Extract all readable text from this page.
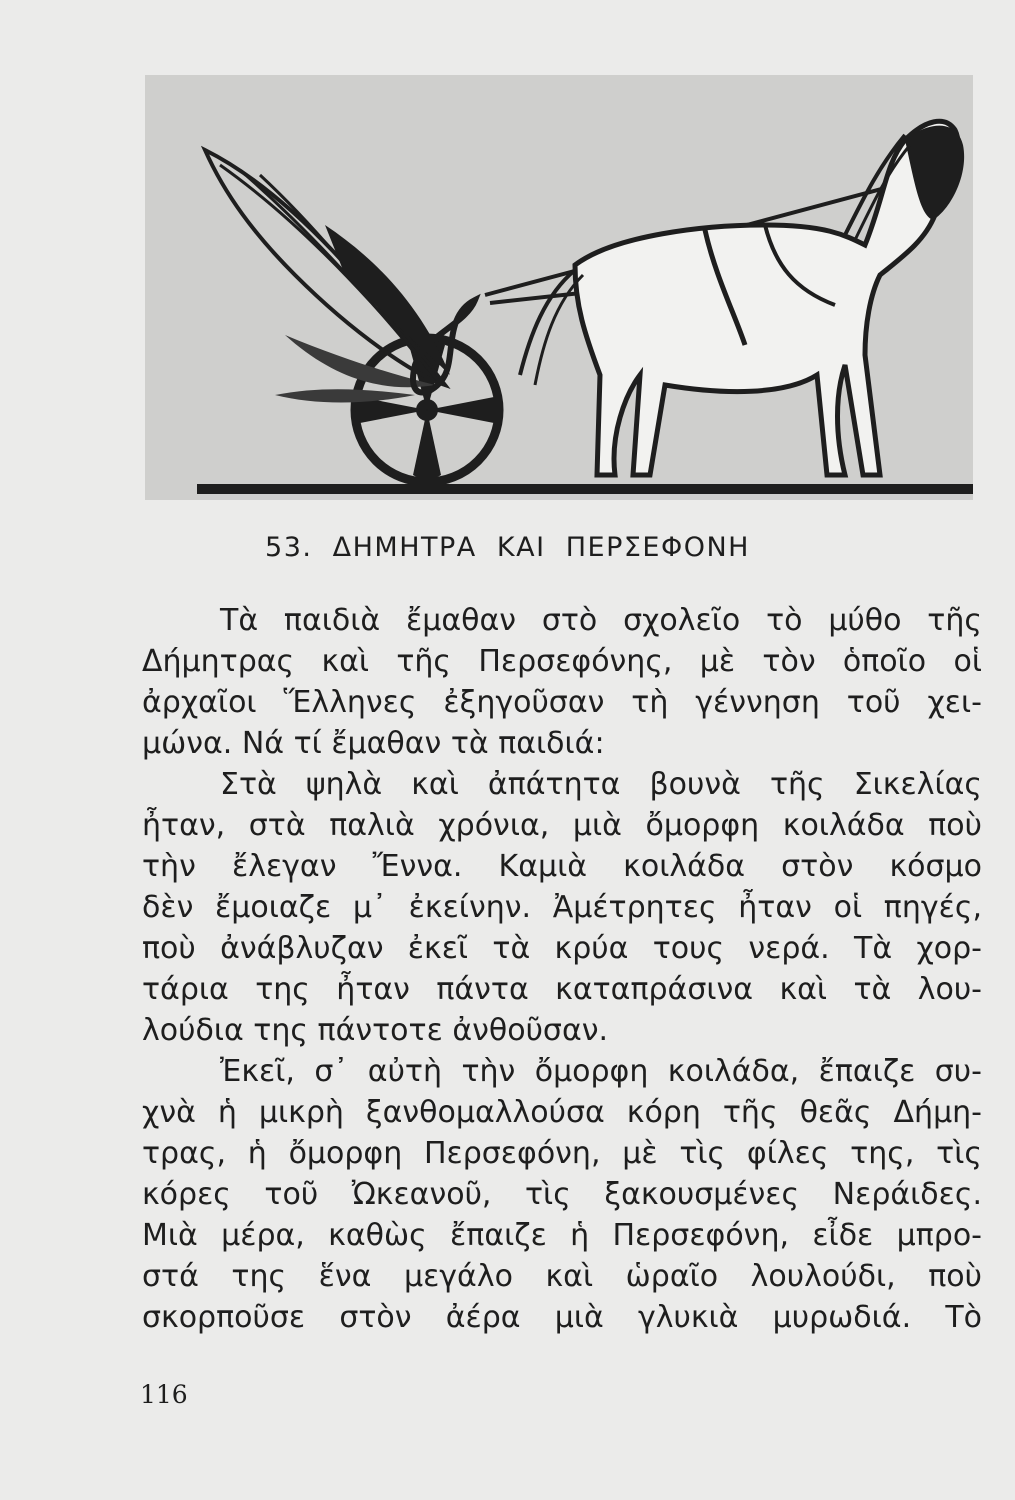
53.  ΔΗΜΗΤΡΑ  ΚΑΙ  ΠΕΡΣΕΦΟΝΗ
Τὰ παιδιὰ ἔμαθαν στὸ σχολεῖο τὸ μύθο τῆς
Δήμητρας καὶ τῆς Περσεφόνης, μὲ τὸν ὁποῖο οἱ
ἀρχαῖοι Ἕλληνες ἐξηγοῦσαν τὴ γέννηση τοῦ χει-
μώνα. Νά τί ἔμαθαν τὰ παιδιά:
Στὰ ψηλὰ καὶ ἀπάτητα βουνὰ τῆς Σικελίας
ἦταν, στὰ παλιὰ χρόνια, μιὰ ὄμορφη κοιλάδα ποὺ
τὴν ἔλεγαν Ἔννα. Καμιὰ κοιλάδα στὸν κόσμο
δὲν ἔμοιαζε μ᾽ ἐκείνην. Ἀμέτρητες ἦταν οἱ πηγές,
ποὺ ἀνάβλυζαν ἐκεῖ τὰ κρύα τους νερά. Τὰ χορ-
τάρια της ἦταν πάντα καταπράσινα καὶ τὰ λου-
λούδια της πάντοτε ἀνθοῦσαν.
Ἐκεῖ, σ᾽ αὐτὴ τὴν ὄμορφη κοιλάδα, ἔπαιζε συ-
χνὰ ἡ μικρὴ ξανθομαλλούσα κόρη τῆς θεᾶς Δήμη-
τρας, ἡ ὄμορφη Περσεφόνη, μὲ τὶς φίλες της, τὶς
κόρες τοῦ Ὠκεανοῦ, τὶς ξακουσμένες Νεράιδες.
Μιὰ μέρα, καθὼς ἔπαιζε ἡ Περσεφόνη, εἶδε μπρο-
στά της ἕνα μεγάλο καὶ ὡραῖο λουλούδι, ποὺ
σκορποῦσε στὸν ἀέρα μιὰ γλυκιὰ μυρωδιά. Τὸ
116
